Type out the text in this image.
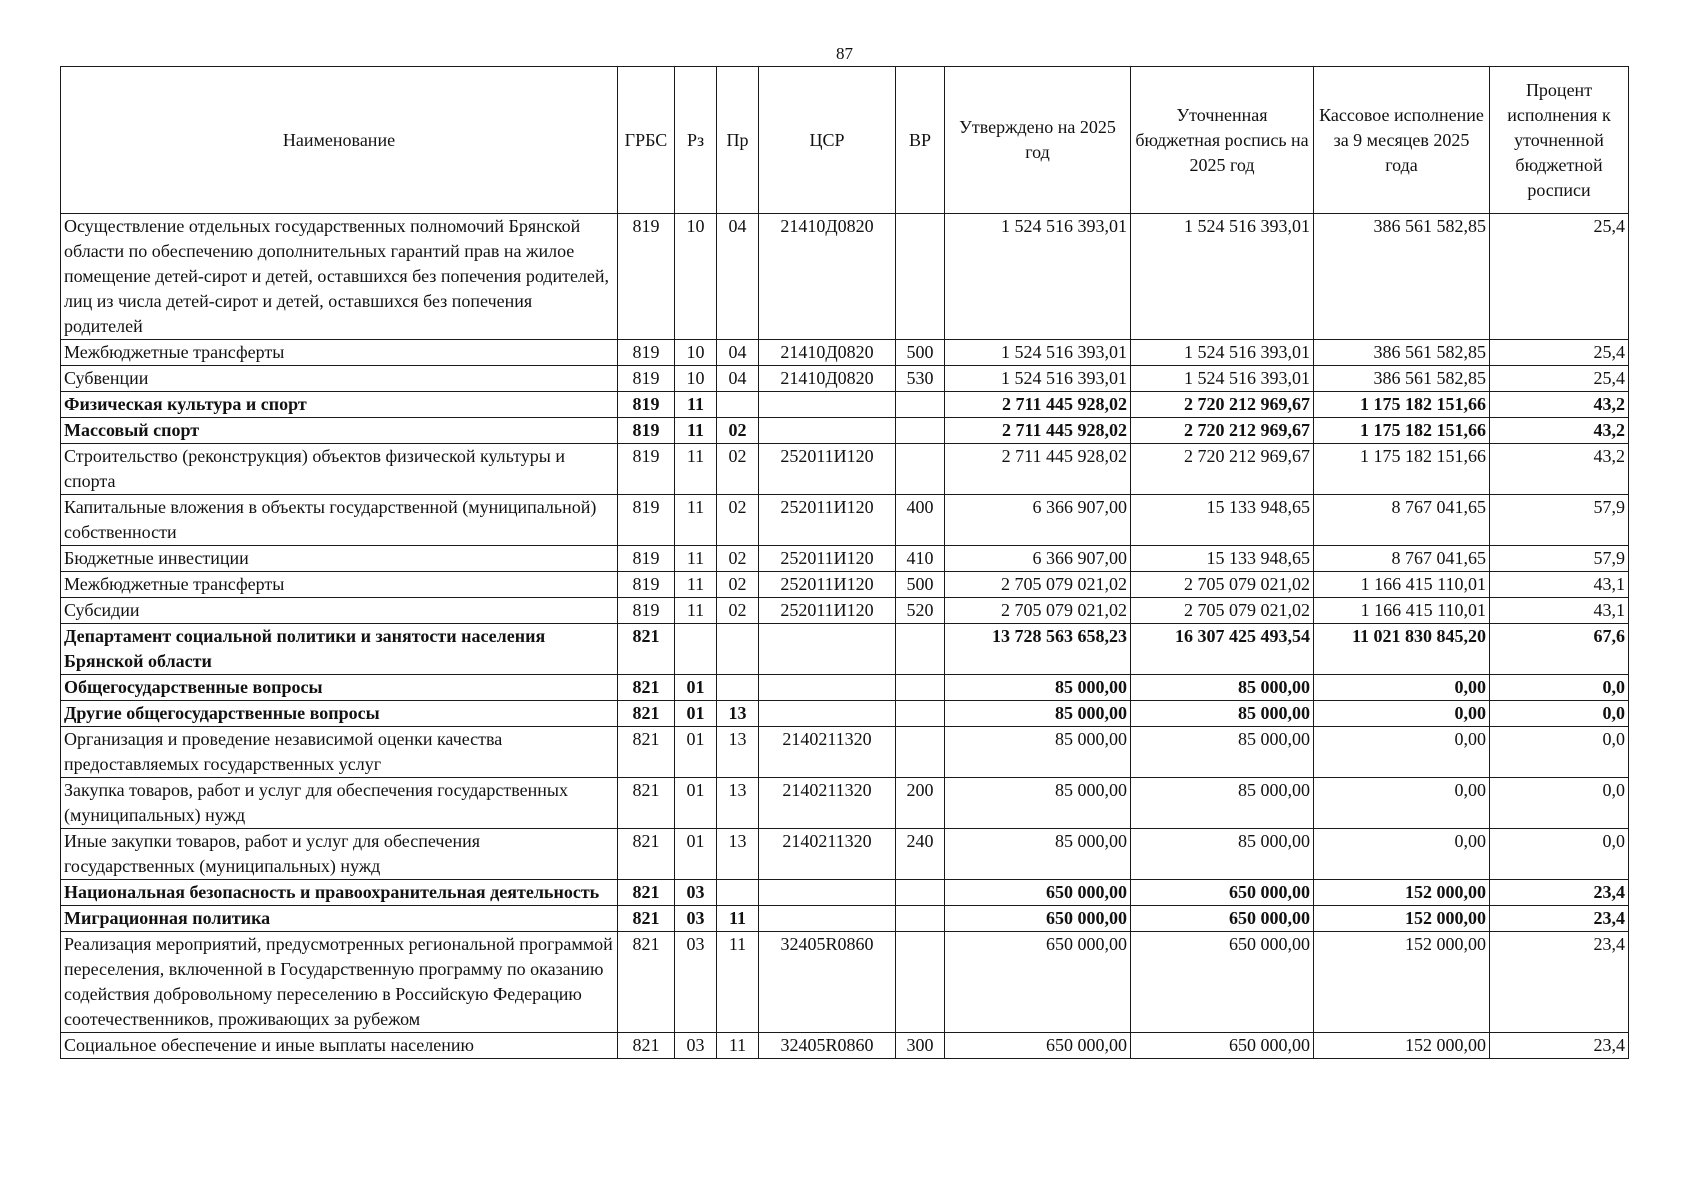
87
Наименование	ГРБС	Рз	Пр	ЦСР	ВР	Утверждено на 2025 год	Уточненная бюджетная роспись на 2025 год	Кассовое исполнение за 9 месяцев 2025 года	Процент исполнения к уточненной бюджетной росписи
Осуществление отдельных государственных полномочий Брянской области по обеспечению дополнительных гарантий прав на жилое помещение детей-сирот и детей, оставшихся без попечения родителей, лиц из числа детей-сирот и детей, оставшихся без попечения родителей	819	10	04	21410Д0820		1 524 516 393,01	1 524 516 393,01	386 561 582,85	25,4
Межбюджетные трансферты	819	10	04	21410Д0820	500	1 524 516 393,01	1 524 516 393,01	386 561 582,85	25,4
Субвенции	819	10	04	21410Д0820	530	1 524 516 393,01	1 524 516 393,01	386 561 582,85	25,4
Физическая культура и спорт	819	11				2 711 445 928,02	2 720 212 969,67	1 175 182 151,66	43,2
Массовый спорт	819	11	02			2 711 445 928,02	2 720 212 969,67	1 175 182 151,66	43,2
Строительство (реконструкция) объектов физической культуры и спорта	819	11	02	252011И120		2 711 445 928,02	2 720 212 969,67	1 175 182 151,66	43,2
Капитальные вложения в объекты государственной (муниципальной) собственности	819	11	02	252011И120	400	6 366 907,00	15 133 948,65	8 767 041,65	57,9
Бюджетные инвестиции	819	11	02	252011И120	410	6 366 907,00	15 133 948,65	8 767 041,65	57,9
Межбюджетные трансферты	819	11	02	252011И120	500	2 705 079 021,02	2 705 079 021,02	1 166 415 110,01	43,1
Субсидии	819	11	02	252011И120	520	2 705 079 021,02	2 705 079 021,02	1 166 415 110,01	43,1
Департамент социальной политики и занятости населения Брянской области	821					13 728 563 658,23	16 307 425 493,54	11 021 830 845,20	67,6
Общегосударственные вопросы	821	01				85 000,00	85 000,00	0,00	0,0
Другие общегосударственные вопросы	821	01	13			85 000,00	85 000,00	0,00	0,0
Организация и проведение независимой оценки качества предоставляемых государственных услуг	821	01	13	2140211320		85 000,00	85 000,00	0,00	0,0
Закупка товаров, работ и услуг для обеспечения государственных (муниципальных) нужд	821	01	13	2140211320	200	85 000,00	85 000,00	0,00	0,0
Иные закупки товаров, работ и услуг для обеспечения государственных (муниципальных) нужд	821	01	13	2140211320	240	85 000,00	85 000,00	0,00	0,0
Национальная безопасность и правоохранительная деятельность	821	03				650 000,00	650 000,00	152 000,00	23,4
Миграционная политика	821	03	11			650 000,00	650 000,00	152 000,00	23,4
Реализация мероприятий, предусмотренных региональной программой переселения, включенной в Государственную программу по оказанию содействия добровольному переселению в Российскую Федерацию соотечественников, проживающих за рубежом	821	03	11	32405R0860		650 000,00	650 000,00	152 000,00	23,4
Социальное обеспечение и иные выплаты населению	821	03	11	32405R0860	300	650 000,00	650 000,00	152 000,00	23,4
